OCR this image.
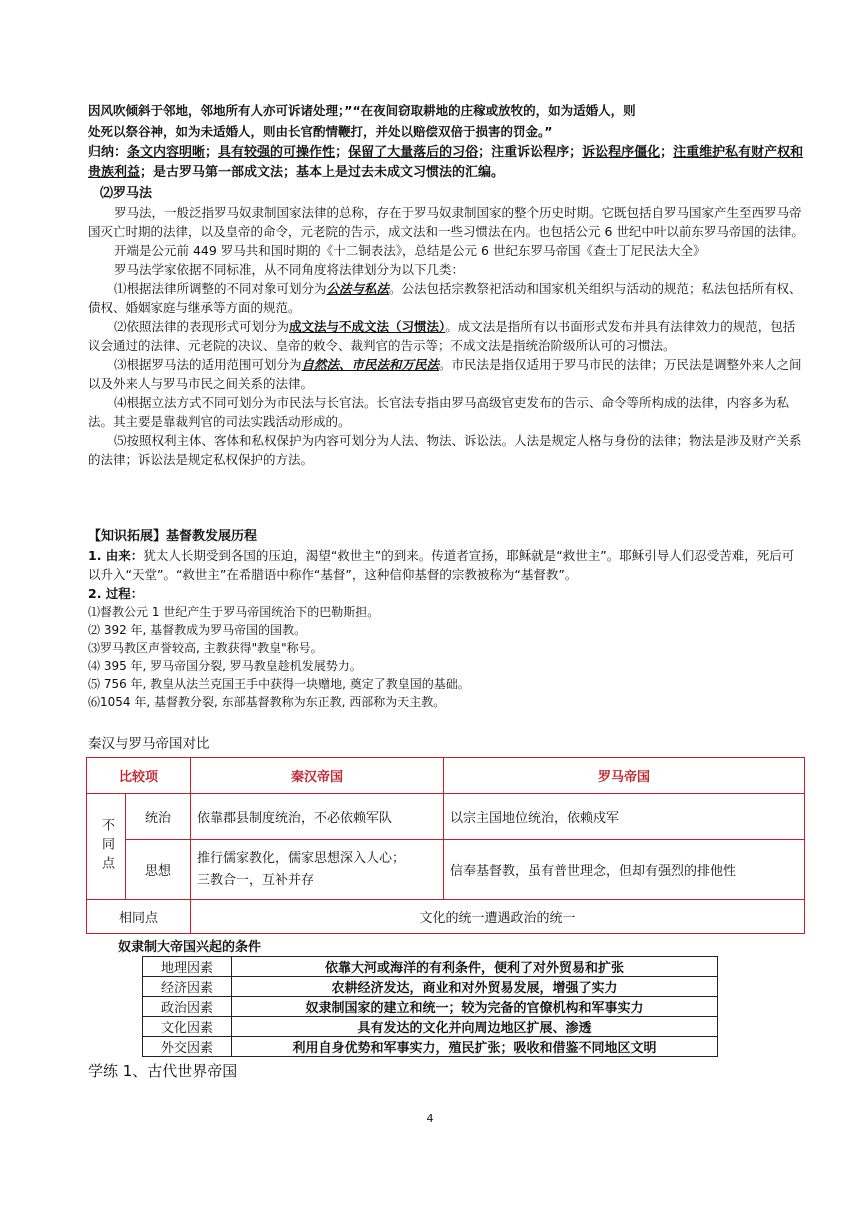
因风吹倾斜于邻地，邻地所有人亦可诉诸处理；”“在夜间窃取耕地的庄稼或放牧的，如为适婚人，则
处死以祭谷神，如为未适婚人，则由长官酌情鞭打，并处以赔偿双倍于损害的罚金。”
归纳：条文内容明晰；具有较强的可操作性；保留了大量落后的习俗；注重诉讼程序；诉讼程序僵化；注重维护私有财产权和贵族利益；是古罗马第一部成文法；基本上是过去未成文习惯法的汇编。
⑵罗马法
罗马法，一般泛指罗马奴隶制国家法律的总称，存在于罗马奴隶制国家的整个历史时期。它既包括自罗马国家产生至西罗马帝国灭亡时期的法律，以及皇帝的命令，元老院的告示，成文法和一些习惯法在内。也包括公元 6 世纪中叶以前东罗马帝国的法律。
开端是公元前 449 罗马共和国时期的《十二铜表法》，总结是公元 6 世纪东罗马帝国《查士丁尼民法大全》
罗马法学家依据不同标准，从不同角度将法律划分为以下几类：
⑴根据法律所调整的不同对象可划分为公法与私法。公法包括宗教祭祀活动和国家机关组织与活动的规范；私法包括所有权、债权、婚姻家庭与继承等方面的规范。
⑵依照法律的表现形式可划分为成文法与不成文法（习惯法）。成文法是指所有以书面形式发布并具有法律效力的规范，包括议会通过的法律、元老院的决议、皇帝的敕令、裁判官的告示等；不成文法是指统治阶级所认可的习惯法。
⑶根据罗马法的适用范围可划分为自然法、市民法和万民法。市民法是指仅适用于罗马市民的法律；万民法是调整外来人之间以及外来人与罗马市民之间关系的法律。
⑷根据立法方式不同可划分为市民法与长官法。长官法专指由罗马高级官吏发布的告示、命令等所构成的法律，内容多为私法。其主要是靠裁判官的司法实践活动形成的。
⑸按照权利主体、客体和私权保护为内容可划分为人法、物法、诉讼法。人法是规定人格与身份的法律；物法是涉及财产关系的法律；诉讼法是规定私权保护的方法。
【知识拓展】基督教发展历程
1. 由来：犹太人长期受到各国的压迫，渴望“救世主”的到来。传道者宣扬，耶稣就是“救世主”。耶稣引导人们忍受苦难，死后可以升入“天堂”。“救世主”在希腊语中称作“基督”，这种信仰基督的宗教被称为“基督教”。
2. 过程：
⑴督教公元 1 世纪产生于罗马帝国统治下的巴勒斯担。
⑵ 392 年, 基督教成为罗马帝国的国教。
⑶罗马教区声誉较高, 主教获得"教皇"称号。
⑷ 395 年, 罗马帝国分裂, 罗马教皇趁机发展势力。
⑸ 756 年, 教皇从法兰克国王手中获得一块赠地, 奠定了教皇国的基础。
⑹1054 年, 基督教分裂, 东部基督教称为东正教, 西部称为天主教。
秦汉与罗马帝国对比
比较项		秦汉帝国	罗马帝国
不同点	统治	依靠郡县制度统治，不必依赖军队	以宗主国地位统治，依赖戍军
	思想	推行儒家教化，儒家思想深入人心；
三教合一，互补并存	信奉基督教，虽有普世理念，但却有强烈的排他性
相同点		文化的统一遭遇政治的统一	
奴隶制大帝国兴起的条件
地理因素	依靠大河或海洋的有利条件，便利了对外贸易和扩张
经济因素	农耕经济发达，商业和对外贸易发展，增强了实力
政治因素	奴隶制国家的建立和统一；较为完备的官僚机构和军事实力
文化因素	具有发达的文化并向周边地区扩展、渗透
外交因素	利用自身优势和军事实力，殖民扩张；吸收和借鉴不同地区文明
学练 1、古代世界帝国
4
